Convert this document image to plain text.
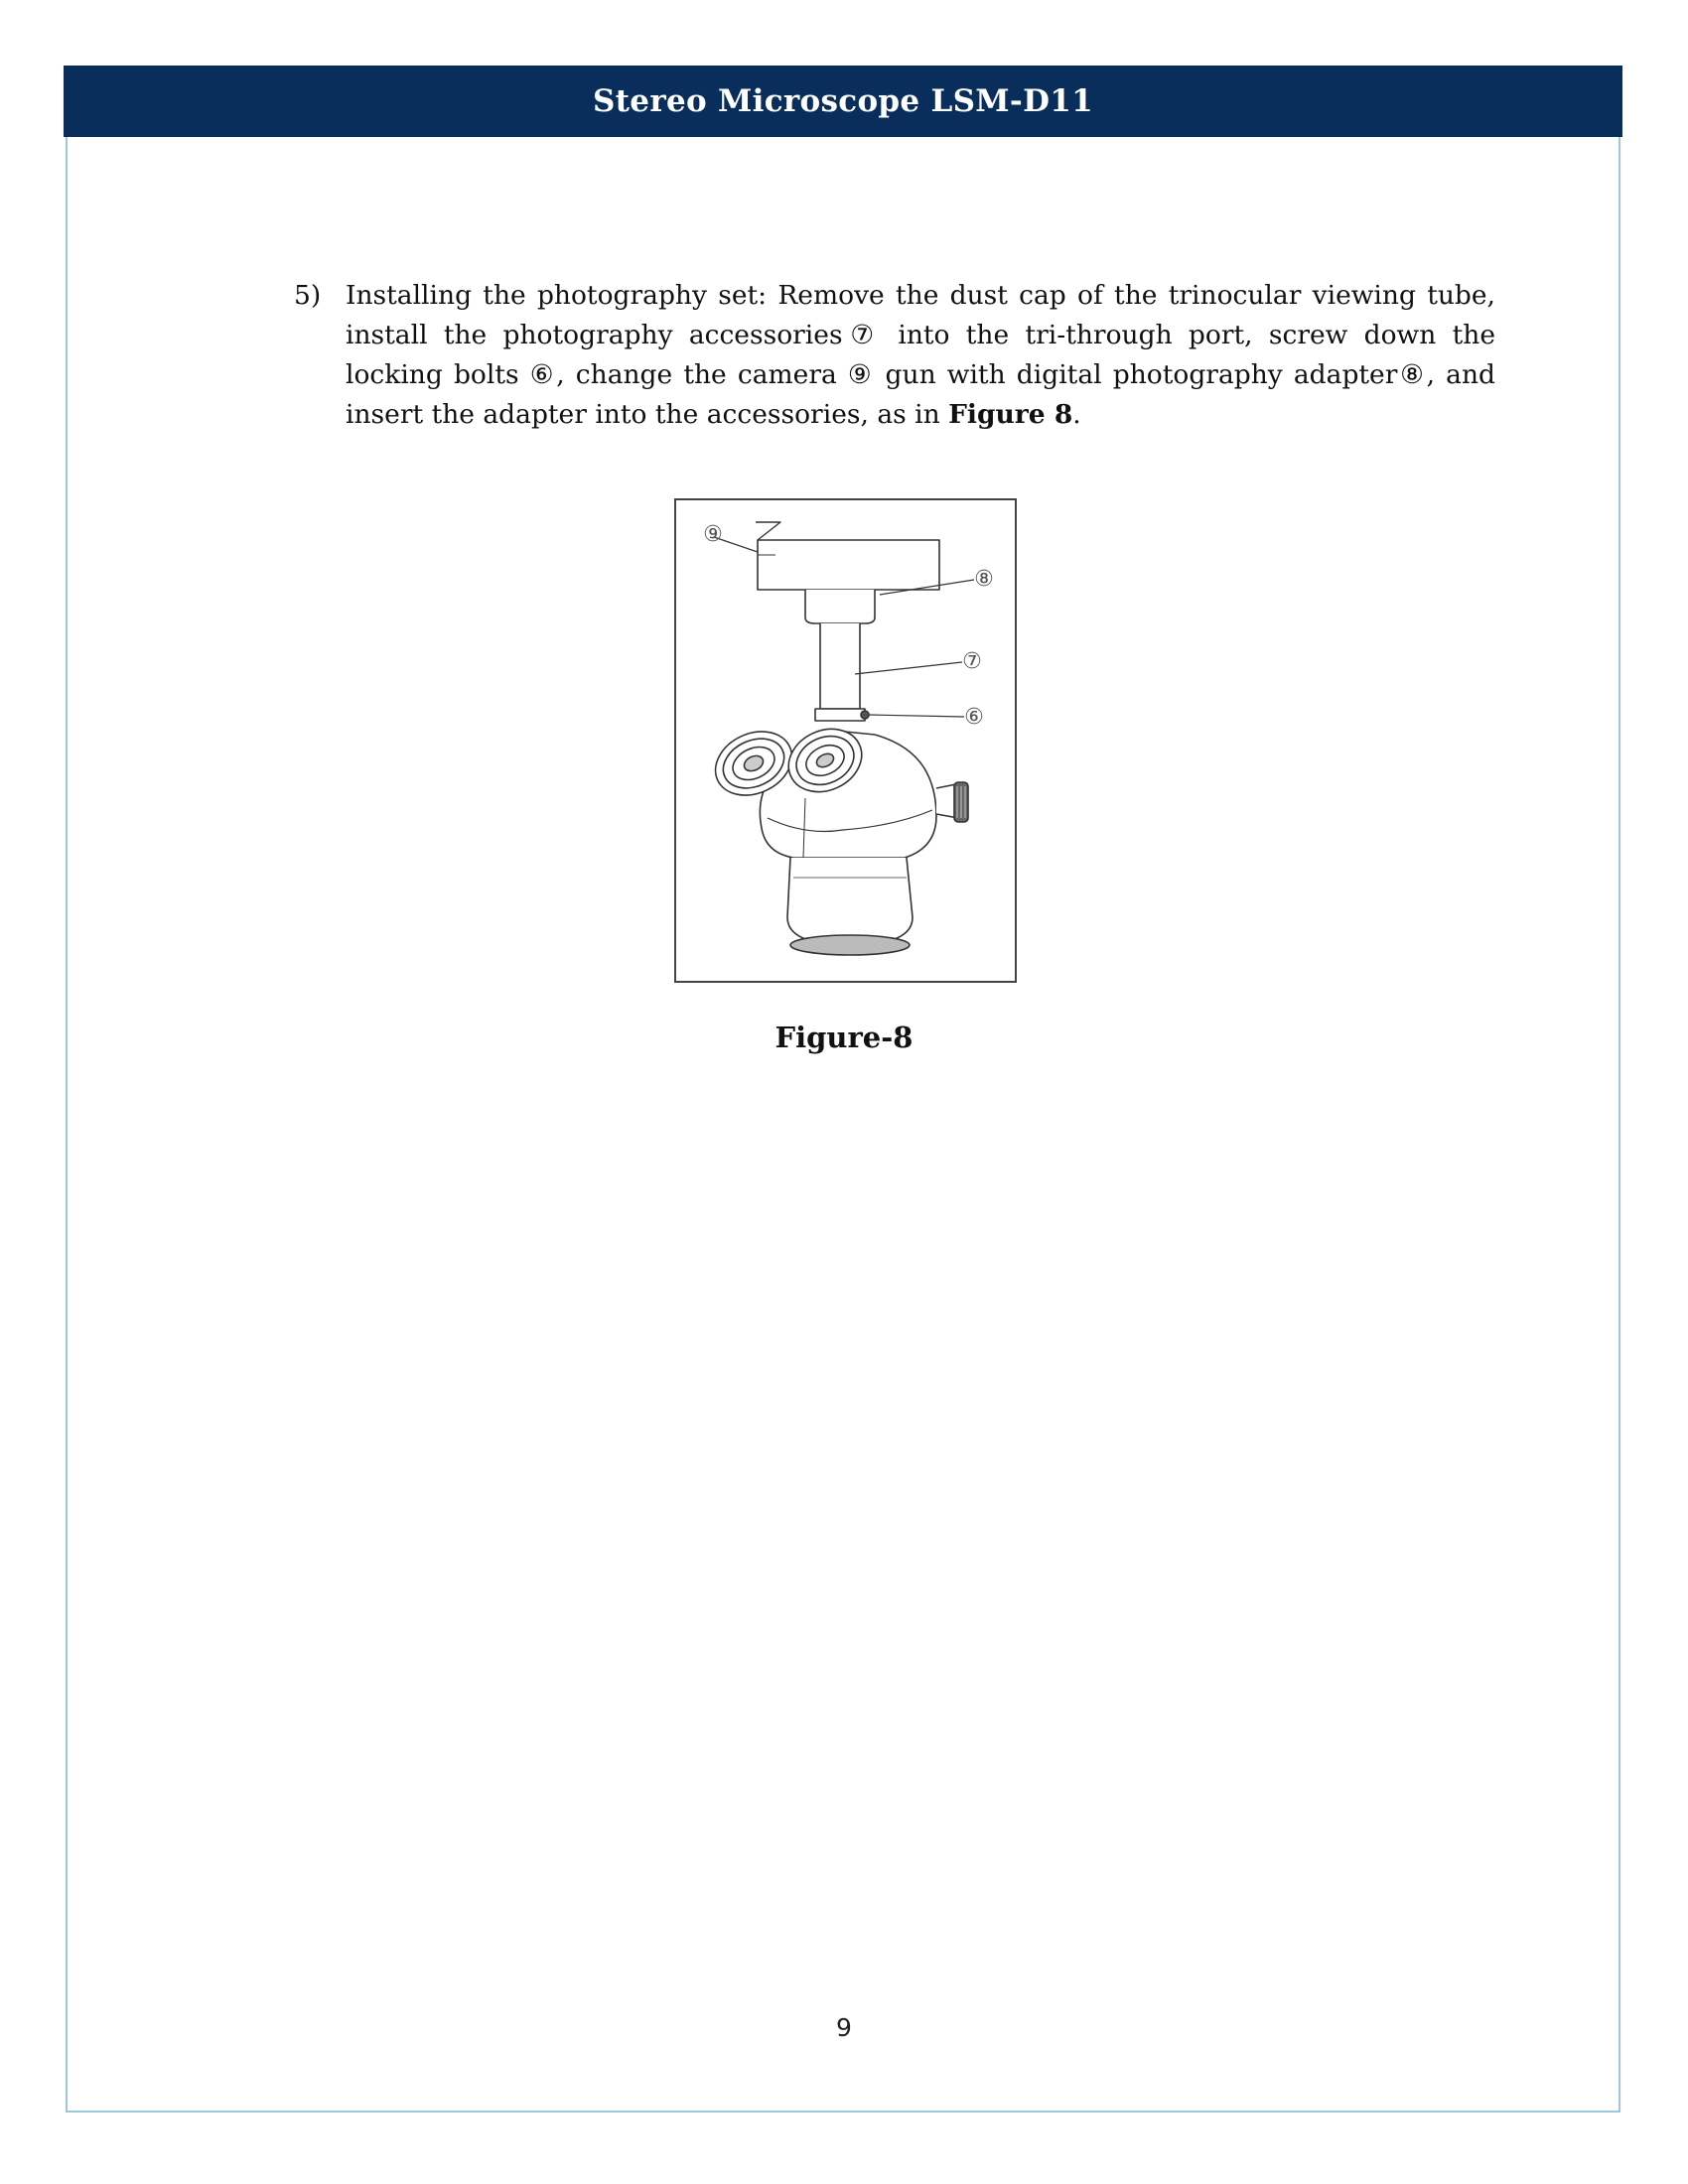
Stereo Microscope LSM-D11
5) Installing the photography set: Remove the dust cap of the trinocular viewing tube, install the photography accessories⑦ into the tri-through port, screw down the locking bolts ⑥, change the camera ⑨ gun with digital photography adapter⑧, and insert the adapter into the accessories, as in Figure 8.
⑨
⑧
⑦
⑥
Figure-8
9
